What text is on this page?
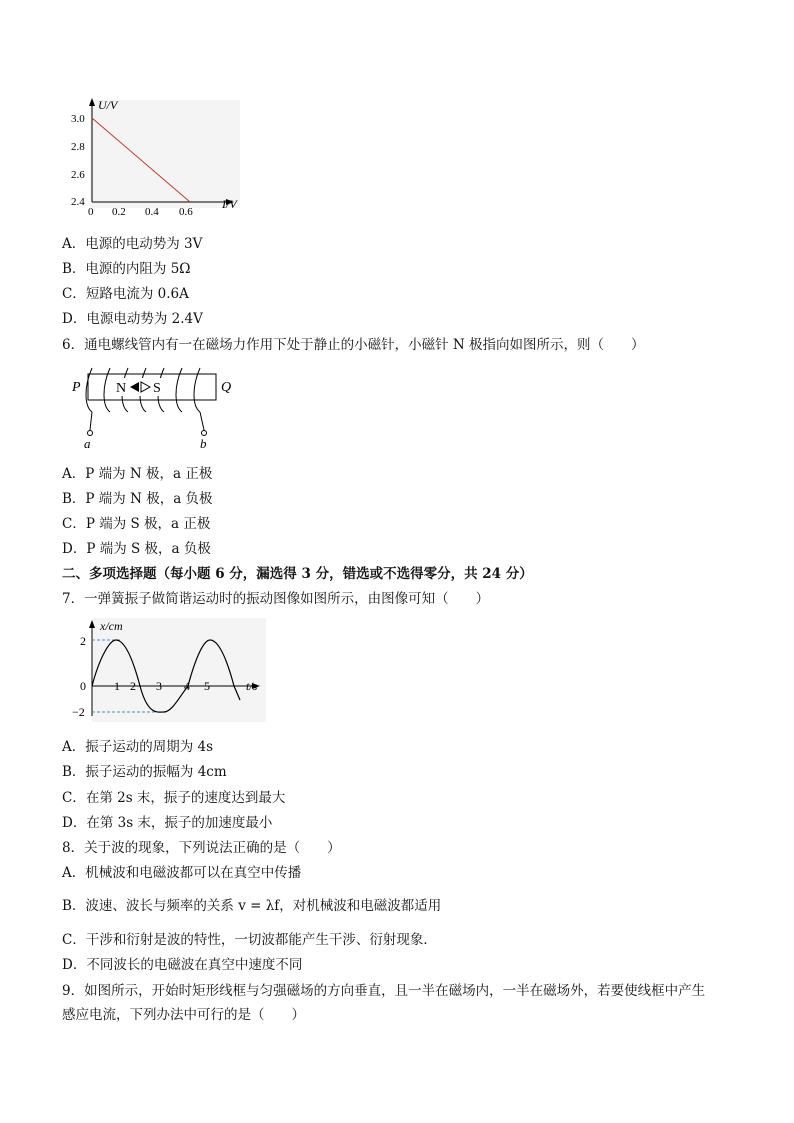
U/V
I/V
3.0
2.8
2.6
2.4
0 0.2 0.4 0.6
A．电源的电动势为 3V
B．电源的内阻为 5Ω
C．短路电流为 0.6A
D．电源电动势为 2.4V
6．通电螺线管内有一在磁场力作用下处于静止的小磁针，小磁针 N 极指向如图所示，则（　　）
N S
P	Q
a	b
A．P 端为 N 极，a 正极
B．P 端为 N 极，a 负极
C．P 端为 S 极，a 正极
D．P 端为 S 极，a 负极
二、多项选择题（每小题 6 分，漏选得 3 分，错选或不选得零分，共 24 分）
7．一弹簧振子做简谐运动时的振动图像如图所示，由图像可知（　　）
t/s
x/cm
2
0
−2
1 2 3 4 5
A．振子运动的周期为 4s
B．振子运动的振幅为 4cm
C．在第 2s 末，振子的速度达到最大
D．在第 3s 末，振子的加速度最小
8．关于波的现象，下列说法正确的是（　　）
A．机械波和电磁波都可以在真空中传播
B．波速、波长与频率的关系 v = λf，对机械波和电磁波都适用
C．干涉和衍射是波的特性，一切波都能产生干涉、衍射现象．
D．不同波长的电磁波在真空中速度不同
9．如图所示，开始时矩形线框与匀强磁场的方向垂直，且一半在磁场内，一半在磁场外，若要使线框中产生
感应电流，下列办法中可行的是（　　）
